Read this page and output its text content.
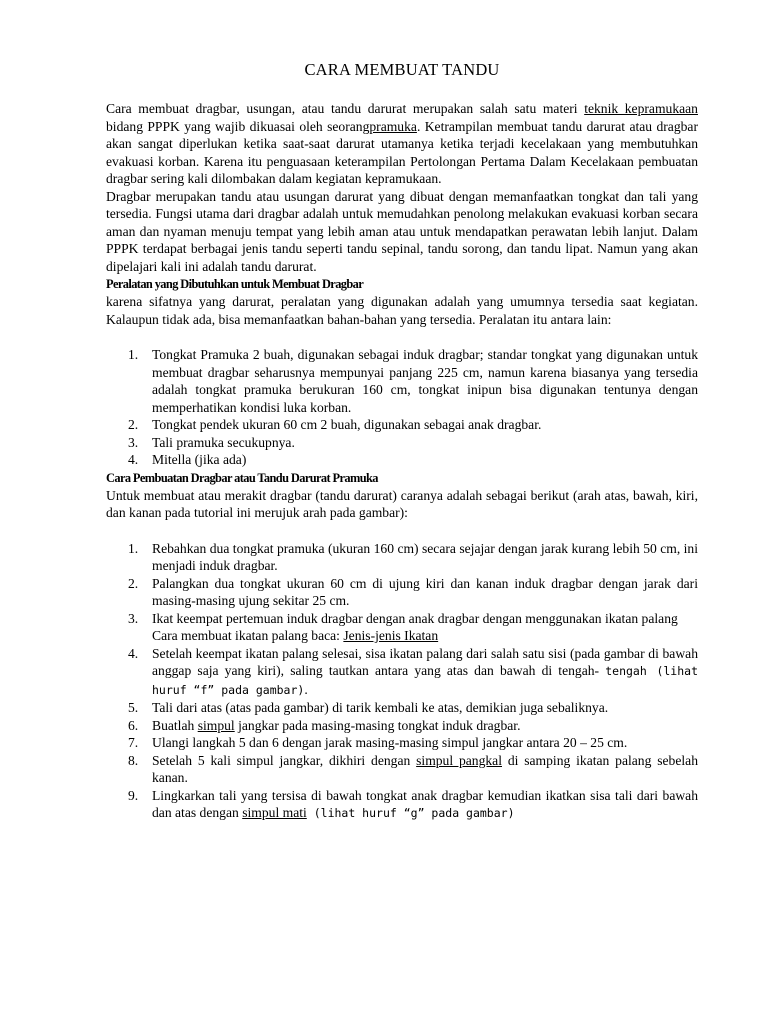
CARA MEMBUAT TANDU

Cara membuat dragbar, usungan, atau tandu darurat merupakan salah satu materi teknik kepramukaan bidang PPPK yang wajib dikuasai oleh seorangpramuka. Ketrampilan membuat tandu darurat atau dragbar akan sangat diperlukan ketika saat-saat darurat utamanya ketika terjadi kecelakaan yang membutuhkan evakuasi korban. Karena itu penguasaan keterampilan Pertolongan Pertama Dalam Kecelakaan pembuatan dragbar sering kali dilombakan dalam kegiatan kepramukaan.

Dragbar merupakan tandu atau usungan darurat yang dibuat dengan memanfaatkan tongkat dan tali yang tersedia. Fungsi utama dari dragbar adalah untuk memudahkan penolong melakukan evakuasi korban secara aman dan nyaman menuju tempat yang lebih aman atau untuk mendapatkan perawatan lebih lanjut. Dalam PPPK terdapat berbagai jenis tandu seperti tandu sepinal, tandu sorong, dan tandu lipat. Namun yang akan dipelajari kali ini adalah tandu darurat.

Peralatan yang Dibutuhkan untuk Membuat Dragbar

karena sifatnya yang darurat, peralatan yang digunakan adalah yang umumnya tersedia saat kegiatan. Kalaupun tidak ada, bisa memanfaatkan bahan-bahan yang tersedia. Peralatan itu antara lain:

1. Tongkat Pramuka 2 buah, digunakan sebagai induk dragbar; standar tongkat yang digunakan untuk membuat dragbar seharusnya mempunyai panjang 225 cm, namun karena biasanya yang tersedia adalah tongkat pramuka berukuran 160 cm, tongkat inipun bisa digunakan tentunya dengan memperhatikan kondisi luka korban.
2. Tongkat pendek ukuran 60 cm 2 buah, digunakan sebagai anak dragbar.
3. Tali pramuka secukupnya.
4. Mitella (jika ada)
Cara Pembuatan Dragbar atau Tandu Darurat Pramuka

Untuk membuat atau merakit dragbar (tandu darurat) caranya adalah sebagai berikut (arah atas, bawah, kiri, dan kanan pada tutorial ini merujuk arah pada gambar):

1. Rebahkan dua tongkat pramuka (ukuran 160 cm) secara sejajar dengan jarak kurang lebih 50 cm, ini menjadi induk dragbar.
2. Palangkan dua tongkat ukuran 60 cm di ujung kiri dan kanan induk dragbar dengan jarak dari masing-masing ujung sekitar 25 cm.
3. Ikat keempat pertemuan induk dragbar dengan anak dragbar dengan menggunakan ikatan palang
Cara membuat ikatan palang baca: Jenis-jenis Ikatan
4. Setelah keempat ikatan palang selesai, sisa ikatan palang dari salah satu sisi (pada gambar di bawah anggap saja yang kiri), saling tautkan antara yang atas dan bawah di tengah- tengah (lihat huruf “f” pada gambar).
5. Tali dari atas (atas pada gambar) di tarik kembali ke atas, demikian juga sebaliknya.
6. Buatlah simpul jangkar pada masing-masing tongkat induk dragbar.
7. Ulangi langkah 5 dan 6 dengan jarak masing-masing simpul jangkar antara 20 – 25 cm.
8. Setelah 5 kali simpul jangkar, dikhiri dengan simpul pangkal di samping ikatan palang sebelah kanan.
9. Lingkarkan tali yang tersisa di bawah tongkat anak dragbar kemudian ikatkan sisa tali dari bawah dan atas dengan simpul mati (lihat huruf “g” pada gambar)
